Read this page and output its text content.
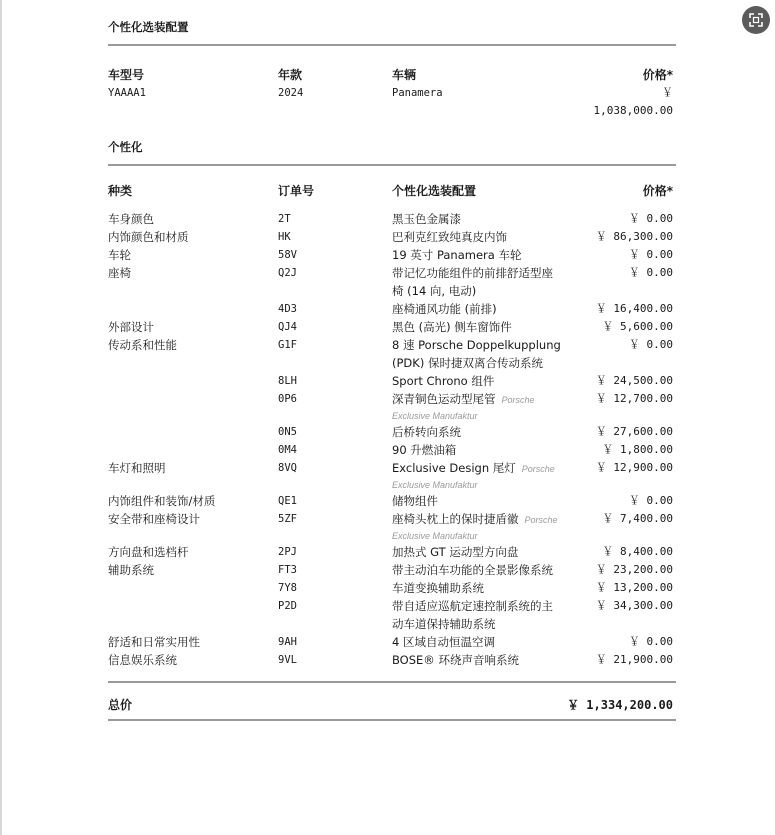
个性化选装配置
车型号	年款	车辆	价格*
YAAAA1	2024	Panamera	￥
1,038,000.00
个性化
种类	订单号	个性化选装配置	价格*
车身颜色	2T	黑玉色金属漆	￥ 0.00
内饰颜色和材质	HK	巴利克红致纯真皮内饰	￥ 86,300.00
车轮	58V	19 英寸 Panamera 车轮	￥ 0.00
座椅	Q2J	带记忆功能组件的前排舒适型座
椅 (14 向, 电动)
￥ 0.00
4D3	座椅通风功能 (前排)	￥ 16,400.00
外部设计	QJ4	黑色 (高光) 侧车窗饰件	￥ 5,600.00
传动系和性能	G1F	8 速 Porsche Doppelkupplung
(PDK) 保时捷双离合传动系统
￥ 0.00
8LH	Sport Chrono 组件	￥ 24,500.00
0P6	深青铜色运动型尾管 Porsche
Exclusive Manufaktur
￥ 12,700.00
0N5	后桥转向系统	￥ 27,600.00
0M4	90 升燃油箱	￥ 1,800.00
车灯和照明	8VQ	Exclusive Design 尾灯 Porsche
Exclusive Manufaktur
￥ 12,900.00
内饰组件和装饰/材质	QE1	储物组件	￥ 0.00
安全带和座椅设计	5ZF	座椅头枕上的保时捷盾徽 Porsche
Exclusive Manufaktur
￥ 7,400.00
方向盘和选档杆	2PJ	加热式 GT 运动型方向盘	￥ 8,400.00
辅助系统	FT3	带主动泊车功能的全景影像系统	￥ 23,200.00
7Y8	车道变换辅助系统	￥ 13,200.00
P2D	带自适应巡航定速控制系统的主
动车道保持辅助系统
￥ 34,300.00
舒适和日常实用性	9AH	4 区域自动恒温空调	￥ 0.00
信息娱乐系统	9VL	BOSE® 环绕声音响系统	￥ 21,900.00
总价	￥ 1,334,200.00
